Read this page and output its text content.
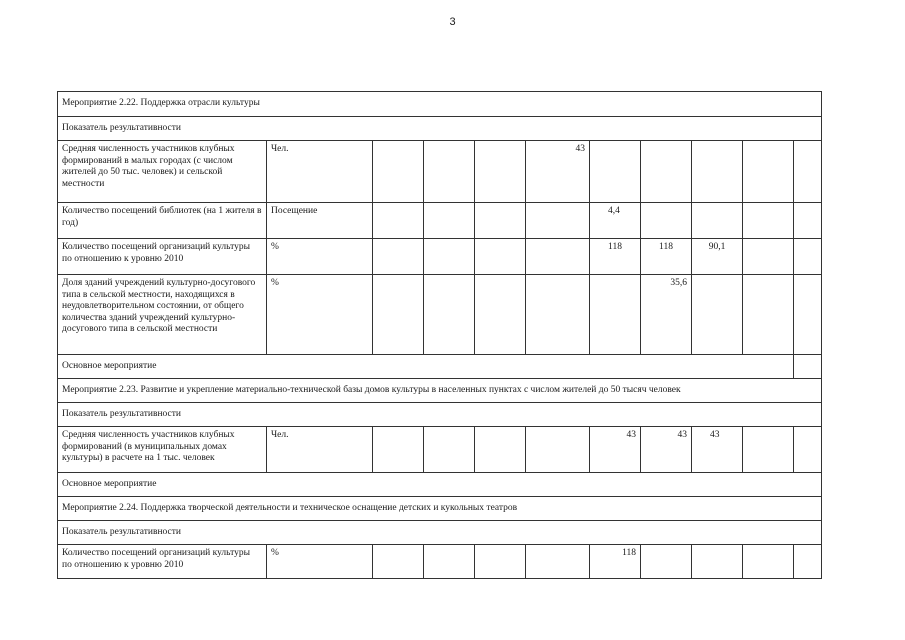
3
Мероприятие 2.22. Поддержка отрасли культуры										
Показатель результативности										
Средняя численность участников клубных формирований в малых городах (с числом жителей до 50 тыс. человек) и сельской местности	Чел.				43					
Количество посещений библиотек (на 1 жителя в год)	Посещение					4,4				
Количество посещений организаций культуры по отношению к уровню 2010	%					118	118	90,1		
Доля зданий учреждений культурно-досугового типа в сельской местности, находящихся в неудовлетворительном состоянии, от общего количества зданий учреждений культурно-досугового типа в сельской местности	%						35,6			
Основное мероприятие										
Мероприятие 2.23. Развитие и укрепление материально-технической базы домов культуры в населенных пунктах с числом жителей до 50 тысяч человек										
Показатель результативности										
Средняя численность участников клубных формирований (в муниципальных домах культуры) в расчете на 1 тыс. человек	Чел.					43	43	43		
Основное мероприятие										
Мероприятие 2.24. Поддержка творческой деятельности и техническое оснащение детских и кукольных театров										
Показатель результативности										
Количество посещений организаций культуры по отношению к уровню 2010	%					118				
